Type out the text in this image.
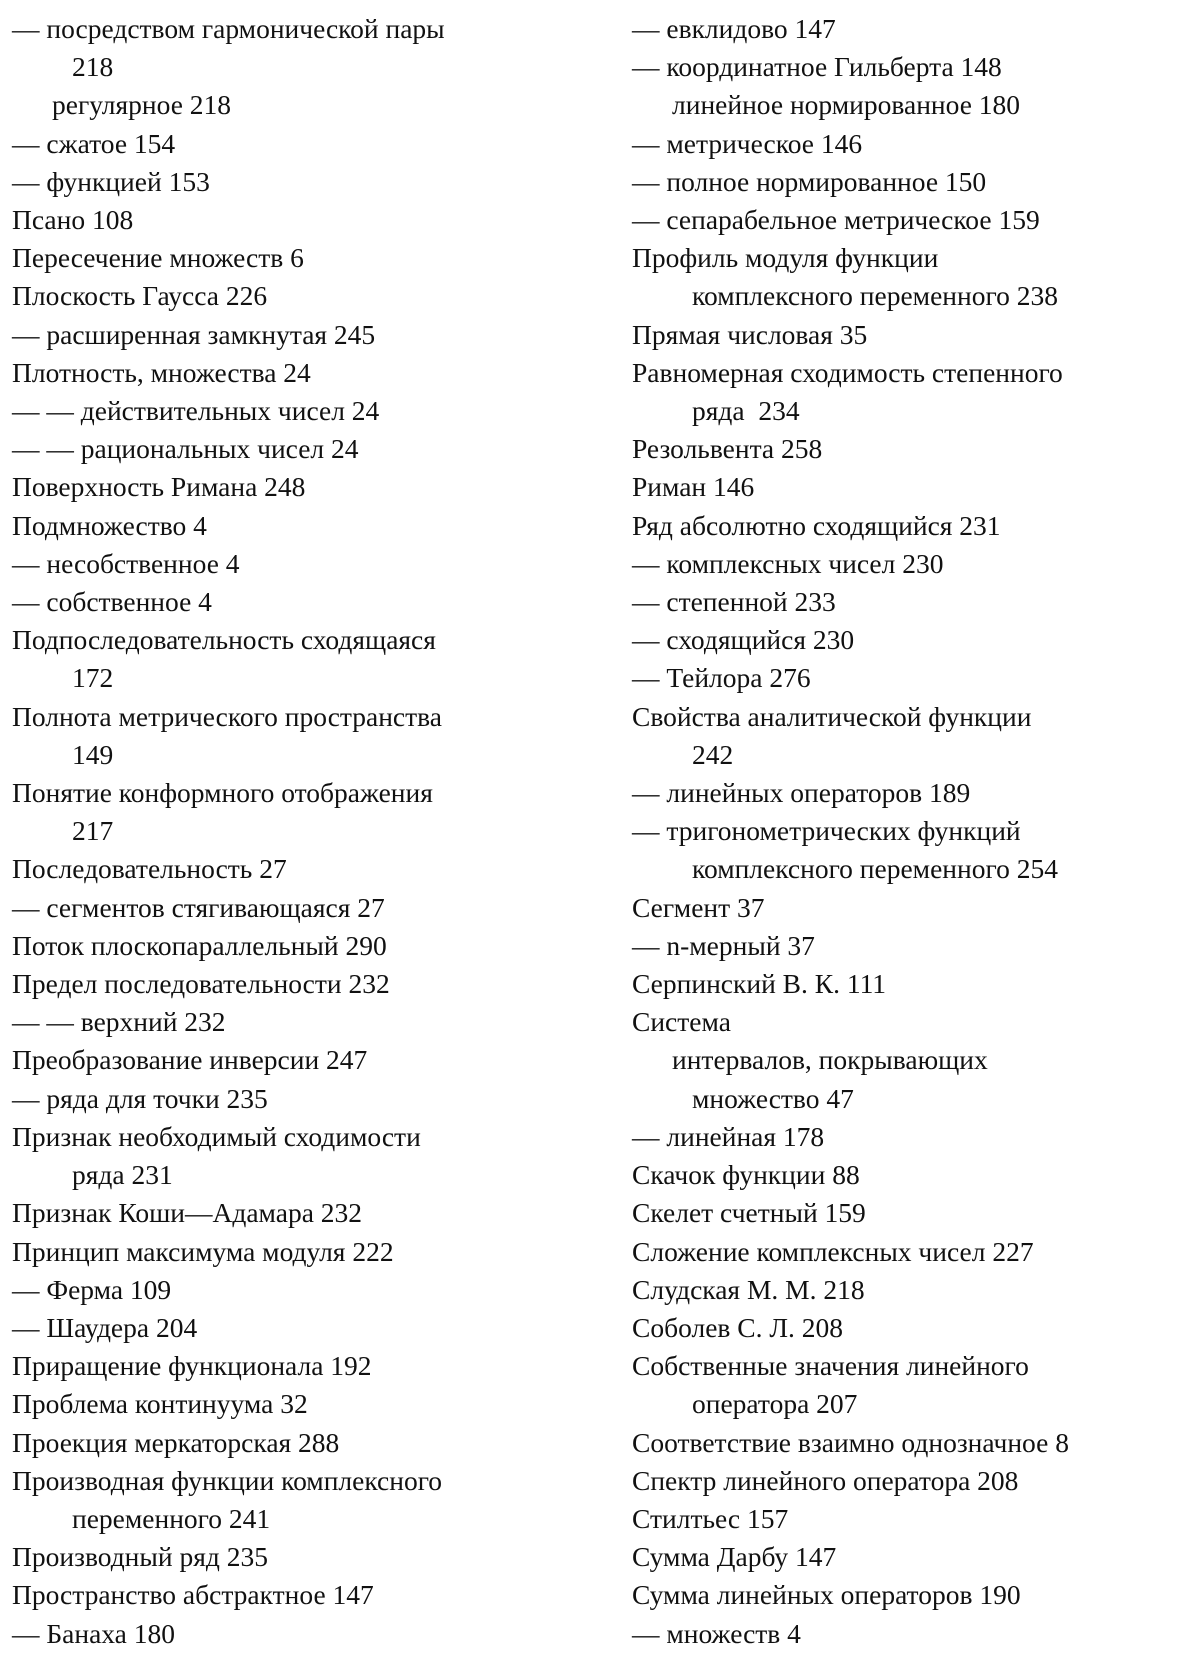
— посредством гармонической пары
218
регулярное 218
— сжатое 154
— функцией 153
Псано 108
Пересечение множеств 6
Плоскость Гаусса 226
— расширенная замкнутая 245
Плотность, множества 24
— — действительных чисел 24
— — рациональных чисел 24
Поверхность Римана 248
Подмножество 4
— несобственное 4
— собственное 4
Подпоследовательность сходящаяся
172
Полнота метрического пространства
149
Понятие конформного отображения
217
Последовательность 27
— сегментов стягивающаяся 27
Поток плоскопараллельный 290
Предел последовательности 232
— — верхний 232
Преобразование инверсии 247
— ряда для точки 235
Признак необходимый сходимости
ряда 231
Признак Коши—Адамара 232
Принцип максимума модуля 222
— Ферма 109
— Шаудера 204
Приращение функционала 192
Проблема континуума 32
Проекция меркаторская 288
Производная функции комплексного
переменного 241
Производный ряд 235
Пространство абстрактное 147
— Банаха 180
— евклидово 147
— координатное Гильберта 148
линейное нормированное 180
— метрическое 146
— полное нормированное 150
— сепарабельное метрическое 159
Профиль модуля функции
комплексного переменного 238
Прямая числовая 35
Равномерная сходимость степенного
ряда  234
Резольвента 258
Риман 146
Ряд абсолютно сходящийся 231
— комплексных чисел 230
— степенной 233
— сходящийся 230
— Тейлора 276
Свойства аналитической функции
242
— линейных операторов 189
— тригонометрических функций
комплексного переменного 254
Сегмент 37
— n-мерный 37
Серпинский В. К. 111
Система
интервалов, покрывающих
множество 47
— линейная 178
Скачок функции 88
Скелет счетный 159
Сложение комплексных чисел 227
Слудская М. М. 218
Соболев С. Л. 208
Собственные значения линейного
оператора 207
Соответствие взаимно однозначное 8
Спектр линейного оператора 208
Стилтьес 157
Сумма Дарбу 147
Сумма линейных операторов 190
— множеств 4
